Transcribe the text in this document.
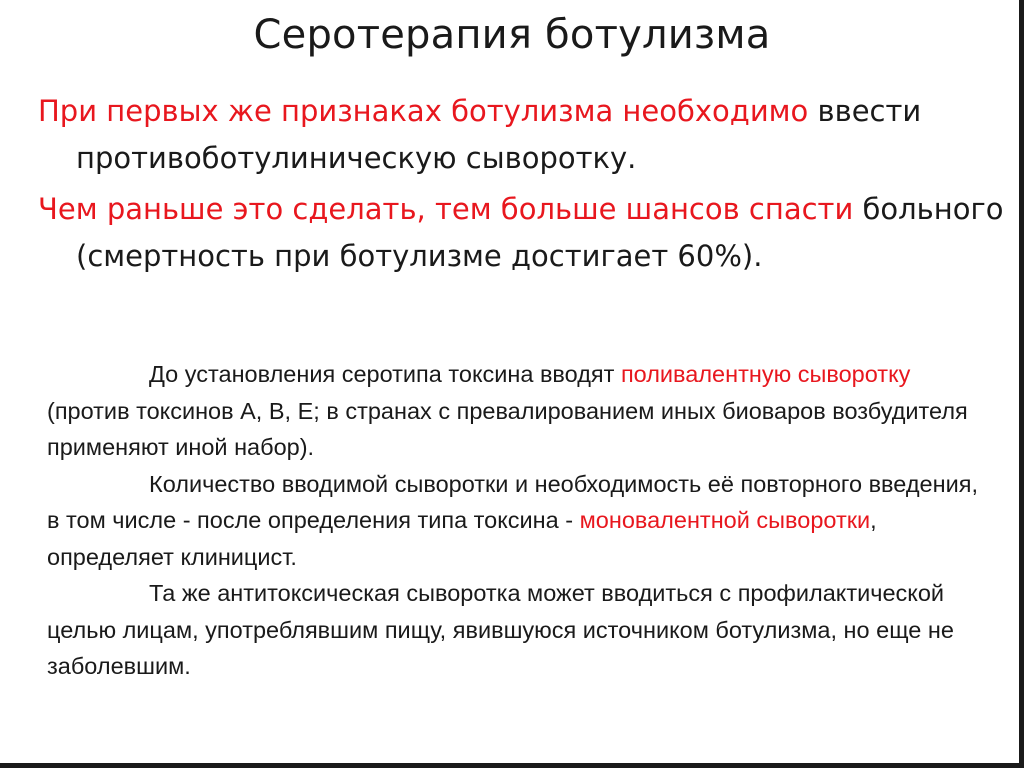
Серотерапия ботулизма
При первых же признаках ботулизма необходимо ввести противоботулиническую сыворотку.
Чем раньше это сделать, тем больше шансов спасти больного (смертность при ботулизме достигает 60%).

До установления серотипа токсина вводят поливалентную сыворотку (против токсинов А, В, Е; в странах с превалированием иных биоваров возбудителя применяют иной набор).

Количество вводимой сыворотки и необходимость её повторного введения, в том числе - после определения типа токсина - моновалентной сыворотки, определяет клиницист.

Та же антитоксическая сыворотка может вводиться с профилактической целью лицам, употреблявшим пищу, явившуюся источником ботулизма, но еще не заболевшим.
